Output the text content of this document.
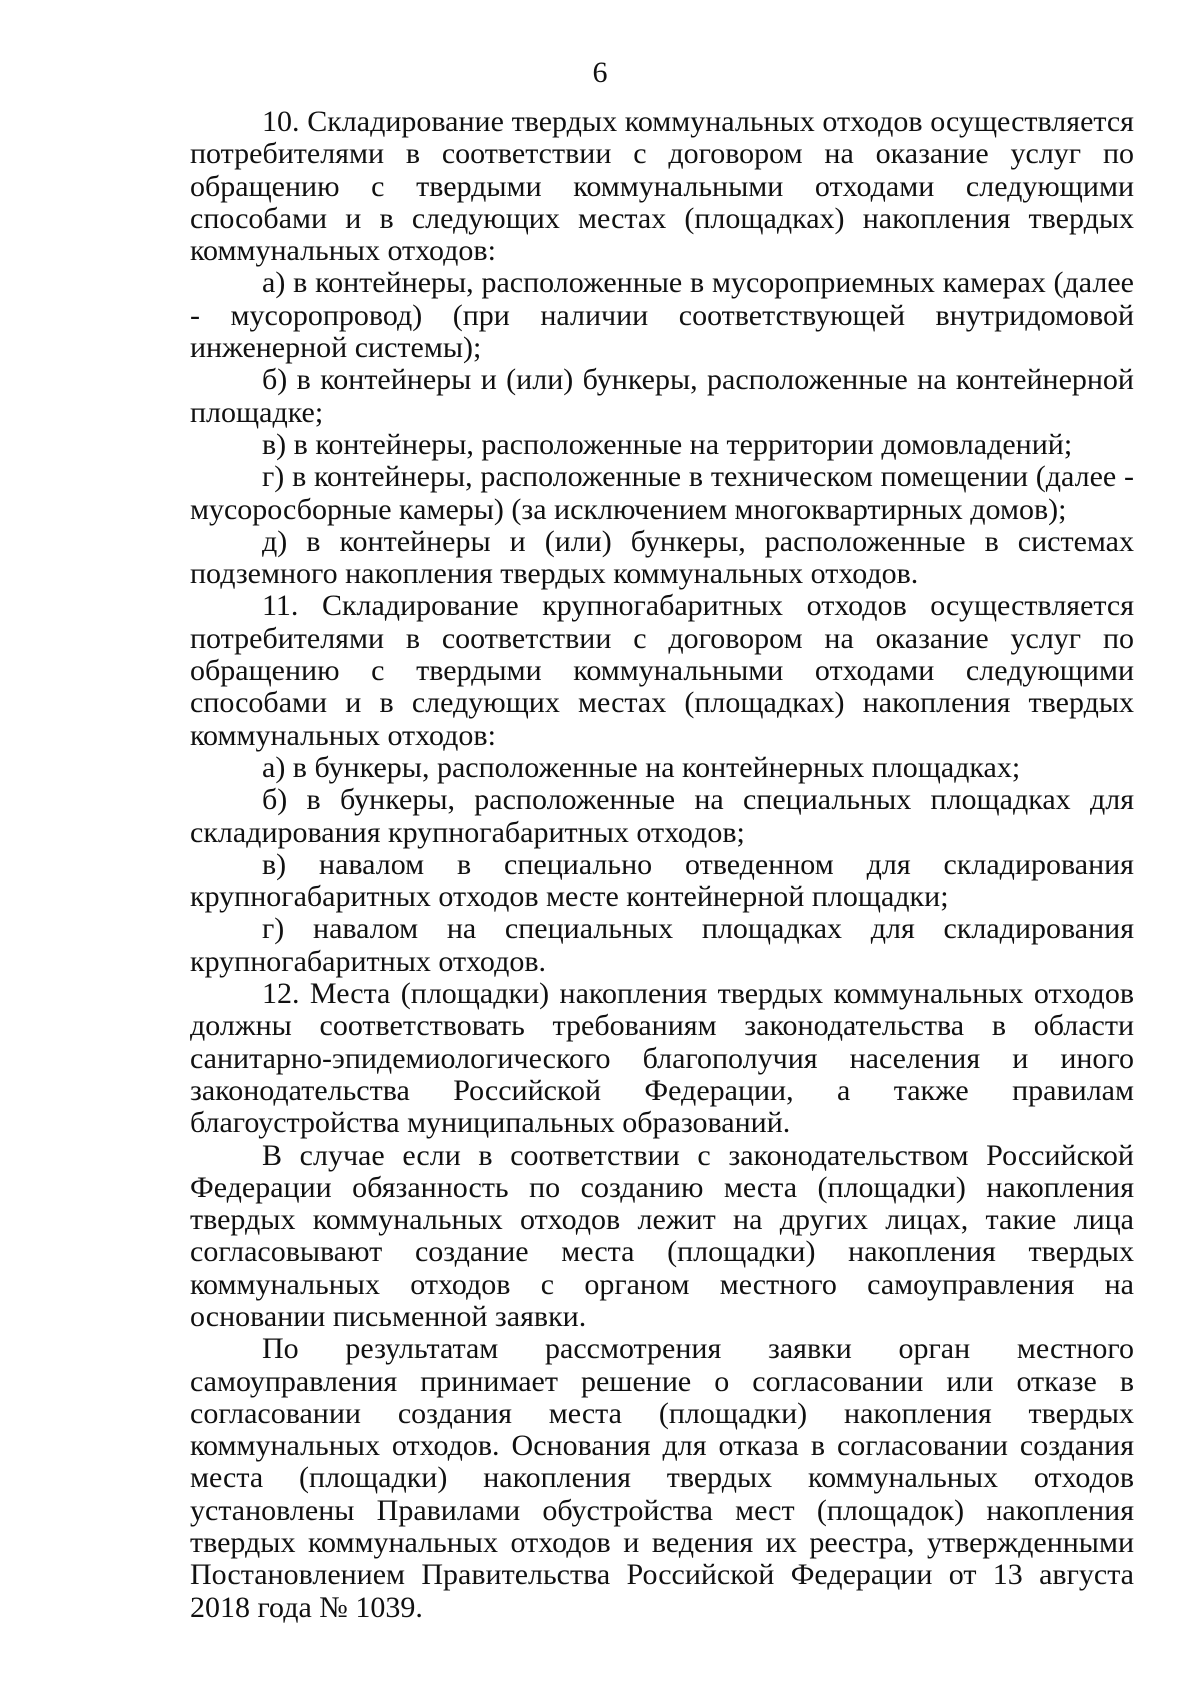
6

10. Складирование твердых коммунальных отходов осуществляется потребителями в соответствии с договором на оказание услуг по обращению с твердыми коммунальными отходами следующими способами и в следующих местах (площадках) накопления твердых коммунальных отходов:

а) в контейнеры, расположенные в мусороприемных камерах (далее - мусоропровод) (при наличии соответствующей внутридомовой инженерной системы);

б) в контейнеры и (или) бункеры, расположенные на контейнерной площадке;

в) в контейнеры, расположенные на территории домовладений;

г) в контейнеры, расположенные в техническом помещении (далее - мусоросборные камеры) (за исключением многоквартирных домов);

д) в контейнеры и (или) бункеры, расположенные в системах подземного накопления твердых коммунальных отходов.

11. Складирование крупногабаритных отходов осуществляется потребителями в соответствии с договором на оказание услуг по обращению с твердыми коммунальными отходами следующими способами и в следующих местах (площадках) накопления твердых коммунальных отходов:

а) в бункеры, расположенные на контейнерных площадках;

б) в бункеры, расположенные на специальных площадках для складирования крупногабаритных отходов;

в) навалом в специально отведенном для складирования крупногабаритных отходов месте контейнерной площадки;

г) навалом на специальных площадках для складирования крупногабаритных отходов.

12. Места (площадки) накопления твердых коммунальных отходов должны соответствовать требованиям законодательства в области санитарно-эпидемиологического благополучия населения и иного законодательства Российской Федерации, а также правилам благоустройства муниципальных образований.

В случае если в соответствии с законодательством Российской Федерации обязанность по созданию места (площадки) накопления твердых коммунальных отходов лежит на других лицах, такие лица согласовывают создание места (площадки) накопления твердых коммунальных отходов с органом местного самоуправления на основании письменной заявки.

По результатам рассмотрения заявки орган местного самоуправления принимает решение о согласовании или отказе в согласовании создания места (площадки) накопления твердых коммунальных отходов. Основания для отказа в согласовании создания места (площадки) накопления твердых коммунальных отходов установлены Правилами обустройства мест (площадок) накопления твердых коммунальных отходов и ведения их реестра, утвержденными Постановлением Правительства Российской Федерации от 13 августа 2018 года № 1039.
